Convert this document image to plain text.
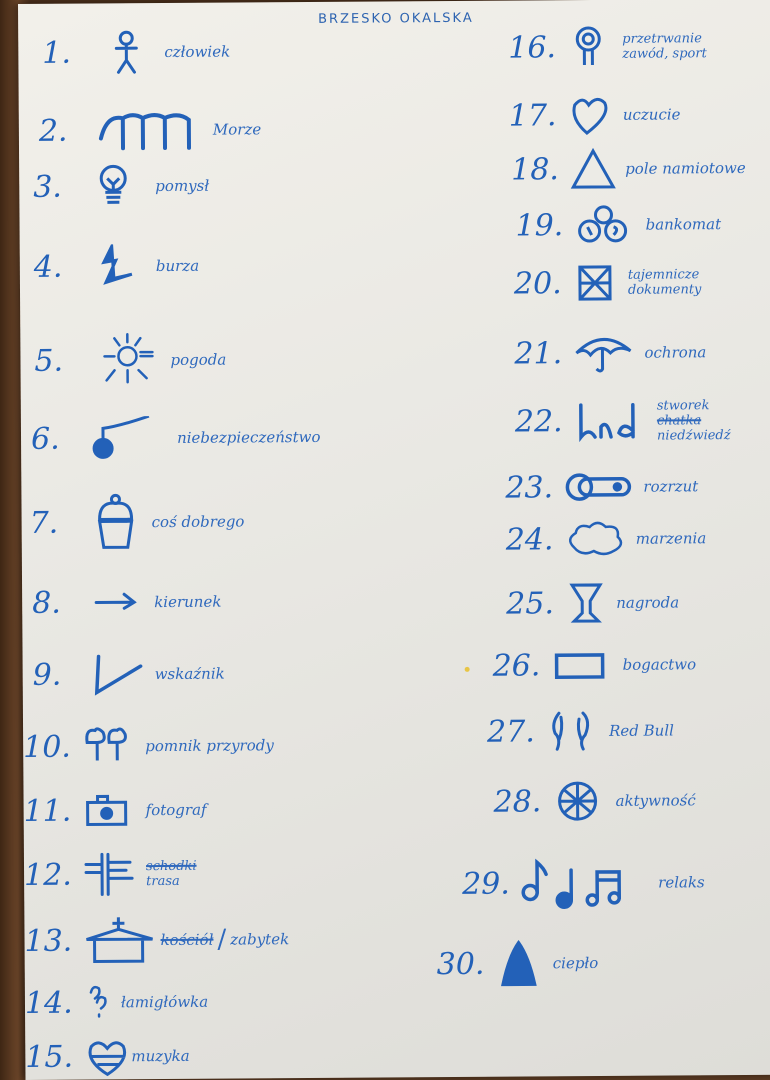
BRZESKO OKALSKA
1.	człowiek
2.	Morze
3.	pomysł
4.	burza
5.	pogoda
6.	niebezpieczeństwo
7.	coś dobrego
8.	kierunek
9.	wskaźnik
10.	pomnik przyrody
11.	fotograf
12.	schodki
trasa
13.	kościół / zabytek
14.	łamigłówka
15.	muzyka
16.	przetrwanie
zawód, sport
17.	uczucie
18.	pole namiotowe
19.	bankomat
20. ☒ tajemnicze
dokumenty
21.	ochrona
22.	stworek
chatka
niedźwiedź
23.	rozrzut
24.	marzenia
25.	nagroda
26.	bogactwo
27.	Red Bull
28.	aktywność
29.	relaks
30.	ciepło
